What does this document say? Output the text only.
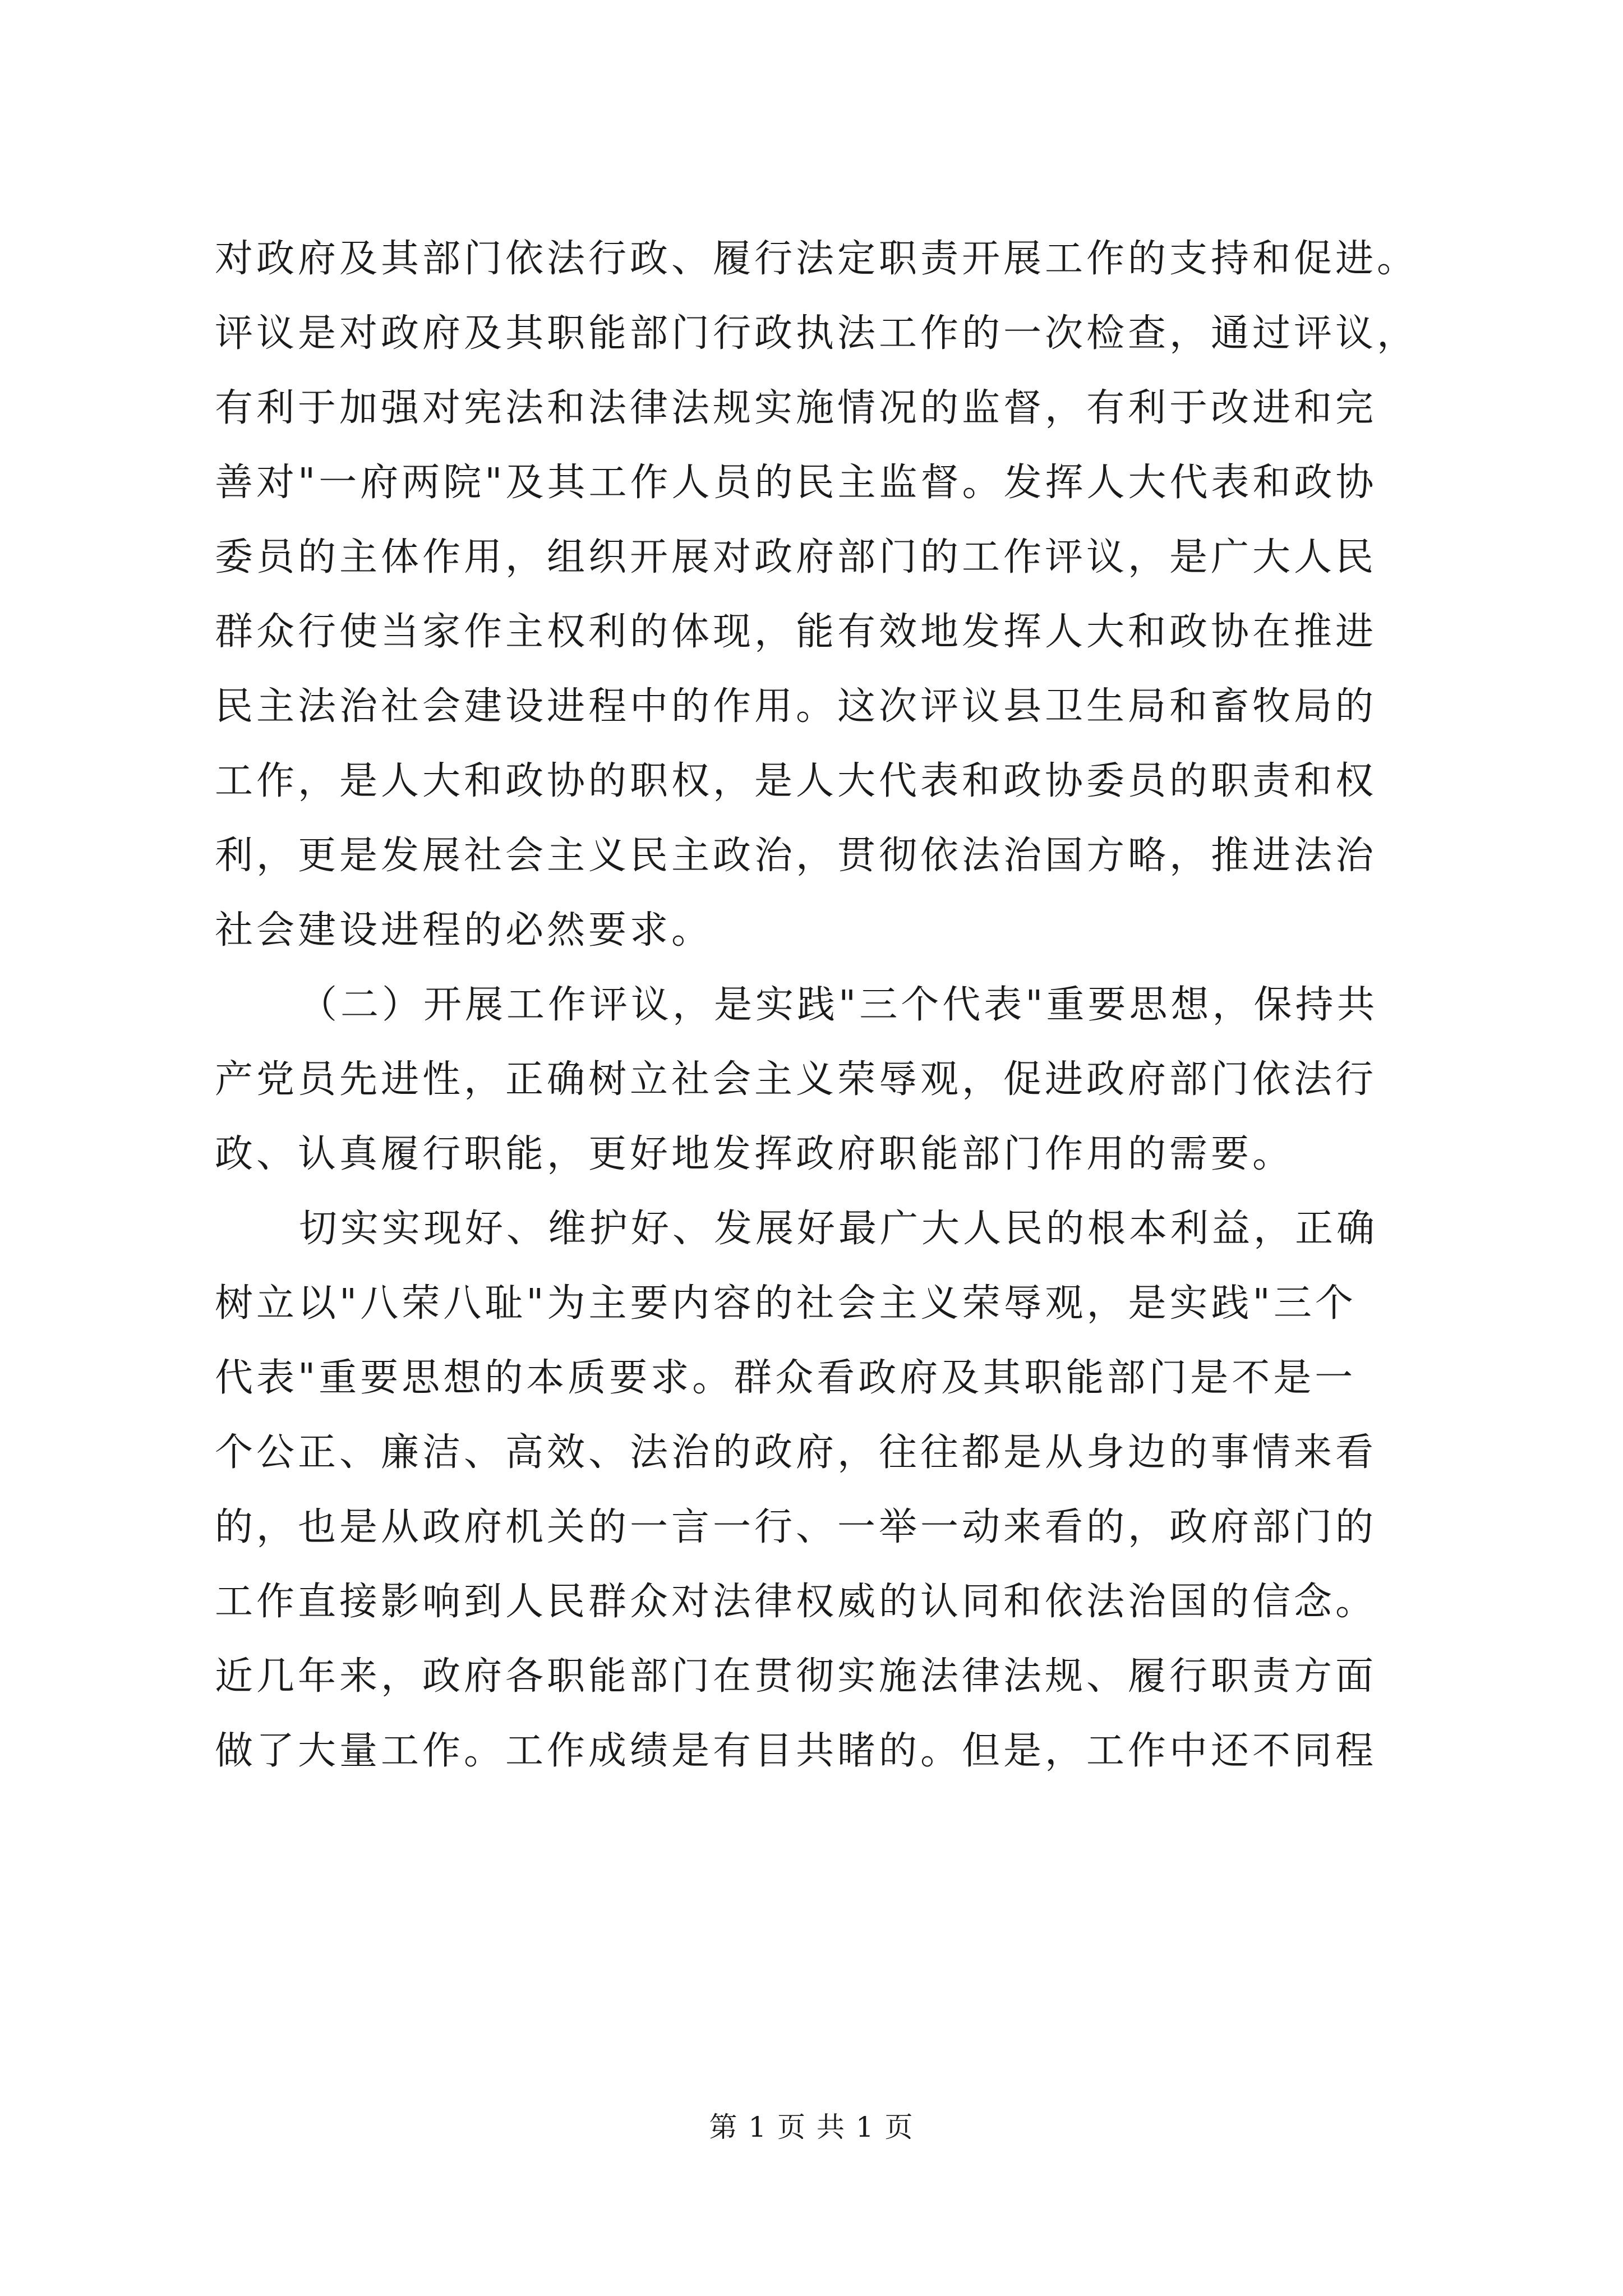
对政府及其部门依法行政、履行法定职责开展工作的支持和促进。
评议是对政府及其职能部门行政执法工作的一次检查，通过评议，
有利于加强对宪法和法律法规实施情况的监督，有利于改进和完
善对"一府两院"及其工作人员的民主监督。发挥人大代表和政协
委员的主体作用，组织开展对政府部门的工作评议，是广大人民
群众行使当家作主权利的体现，能有效地发挥人大和政协在推进
民主法治社会建设进程中的作用。这次评议县卫生局和畜牧局的
工作，是人大和政协的职权，是人大代表和政协委员的职责和权
利，更是发展社会主义民主政治，贯彻依法治国方略，推进法治
社会建设进程的必然要求。
（二）开展工作评议，是实践"三个代表"重要思想，保持共
产党员先进性，正确树立社会主义荣辱观，促进政府部门依法行
政、认真履行职能，更好地发挥政府职能部门作用的需要。
切实实现好、维护好、发展好最广大人民的根本利益，正确
树立以"八荣八耻"为主要内容的社会主义荣辱观，是实践"三个
代表"重要思想的本质要求。群众看政府及其职能部门是不是一
个公正、廉洁、高效、法治的政府，往往都是从身边的事情来看
的，也是从政府机关的一言一行、一举一动来看的，政府部门的
工作直接影响到人民群众对法律权威的认同和依法治国的信念。
近几年来，政府各职能部门在贯彻实施法律法规、履行职责方面
做了大量工作。工作成绩是有目共睹的。但是，工作中还不同程
第 1 页 共 1 页
